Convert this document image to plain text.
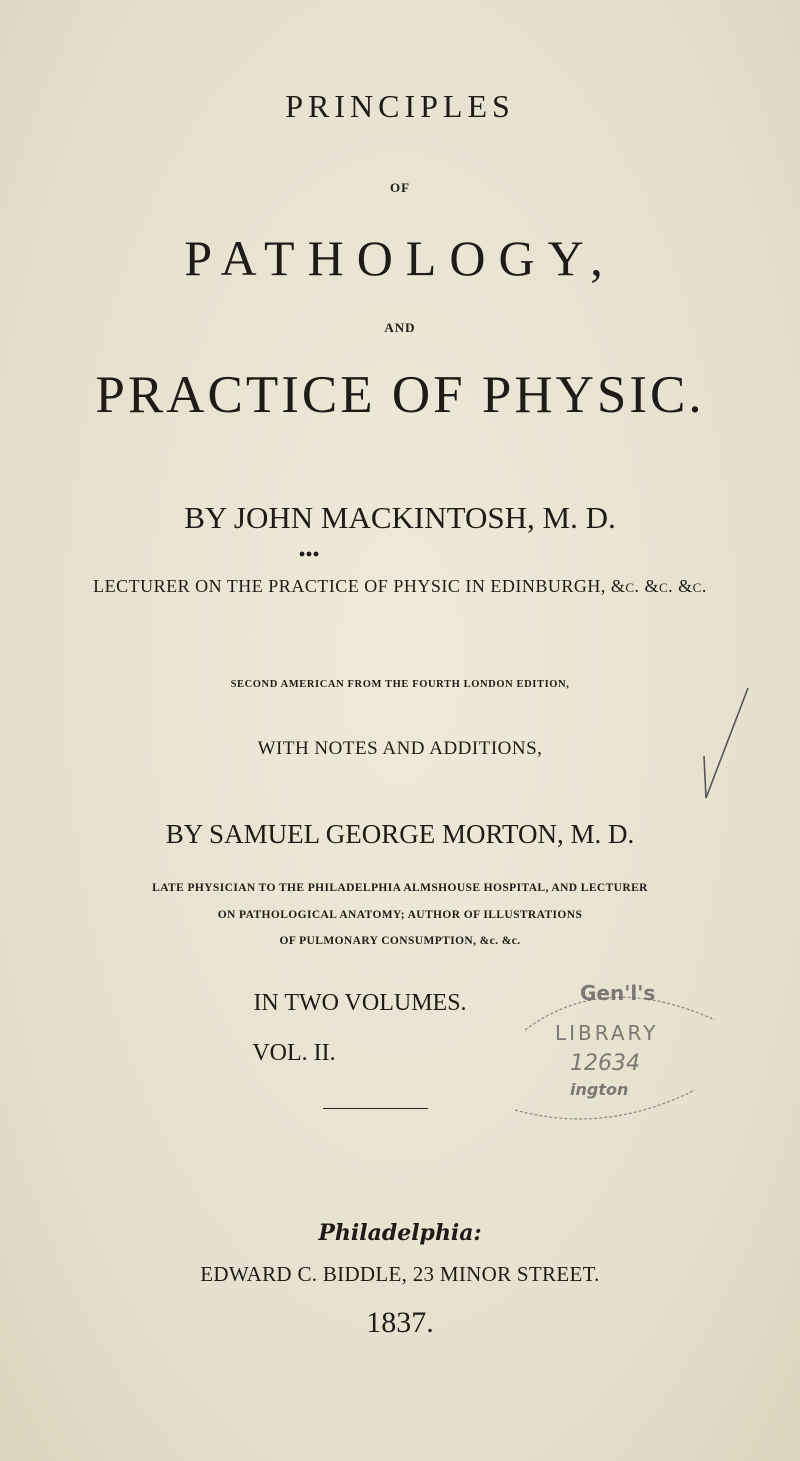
PRINCIPLES
OF
PATHOLOGY,
AND
PRACTICE OF PHYSIC.
BY JOHN MACKINTOSH, M. D.
LECTURER ON THE PRACTICE OF PHYSIC IN EDINBURGH, &c. &c. &c.
SECOND AMERICAN FROM THE FOURTH LONDON EDITION,
WITH NOTES AND ADDITIONS,
BY SAMUEL GEORGE MORTON, M. D.
LATE PHYSICIAN TO THE PHILADELPHIA ALMSHOUSE HOSPITAL, AND LECTURER
ON PATHOLOGICAL ANATOMY; AUTHOR OF ILLUSTRATIONS
OF PULMONARY CONSUMPTION, &c. &c.
IN TWO VOLUMES.
VOL. II.
Gen'l's
LIBRARY
12634
ington
Philadelphia:
EDWARD C. BIDDLE, 23 MINOR STREET.
1837.
